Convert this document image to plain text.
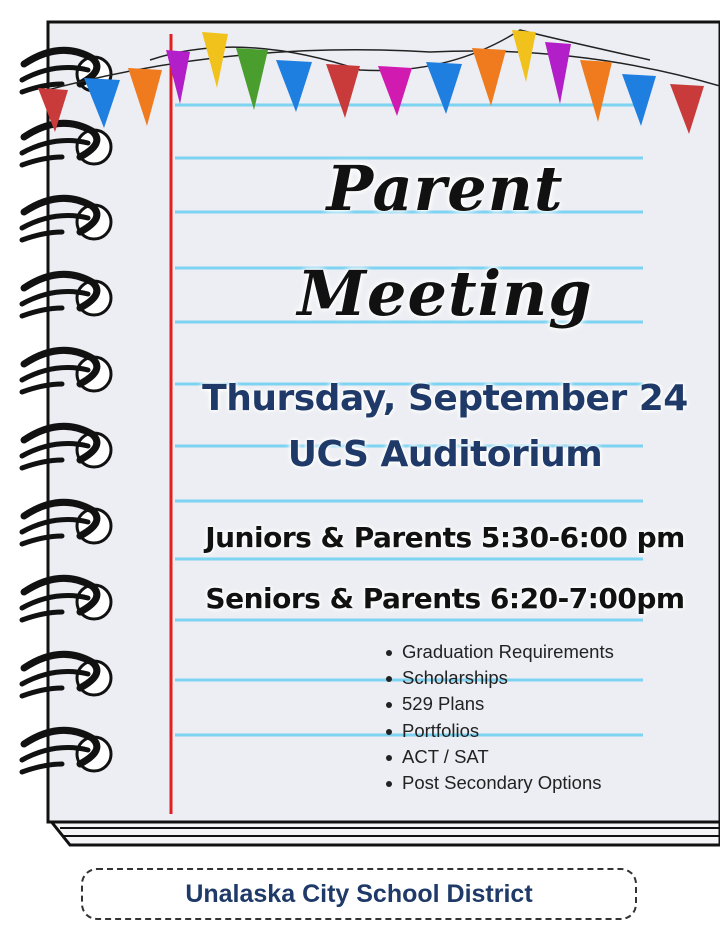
Parent
Meeting
Thursday, September 24
UCS Auditorium
Juniors & Parents 5:30-6:00 pm
Seniors & Parents 6:20-7:00pm
Graduation Requirements
Scholarships
529 Plans
Portfolios
ACT / SAT
Post Secondary Options
Unalaska City School District
